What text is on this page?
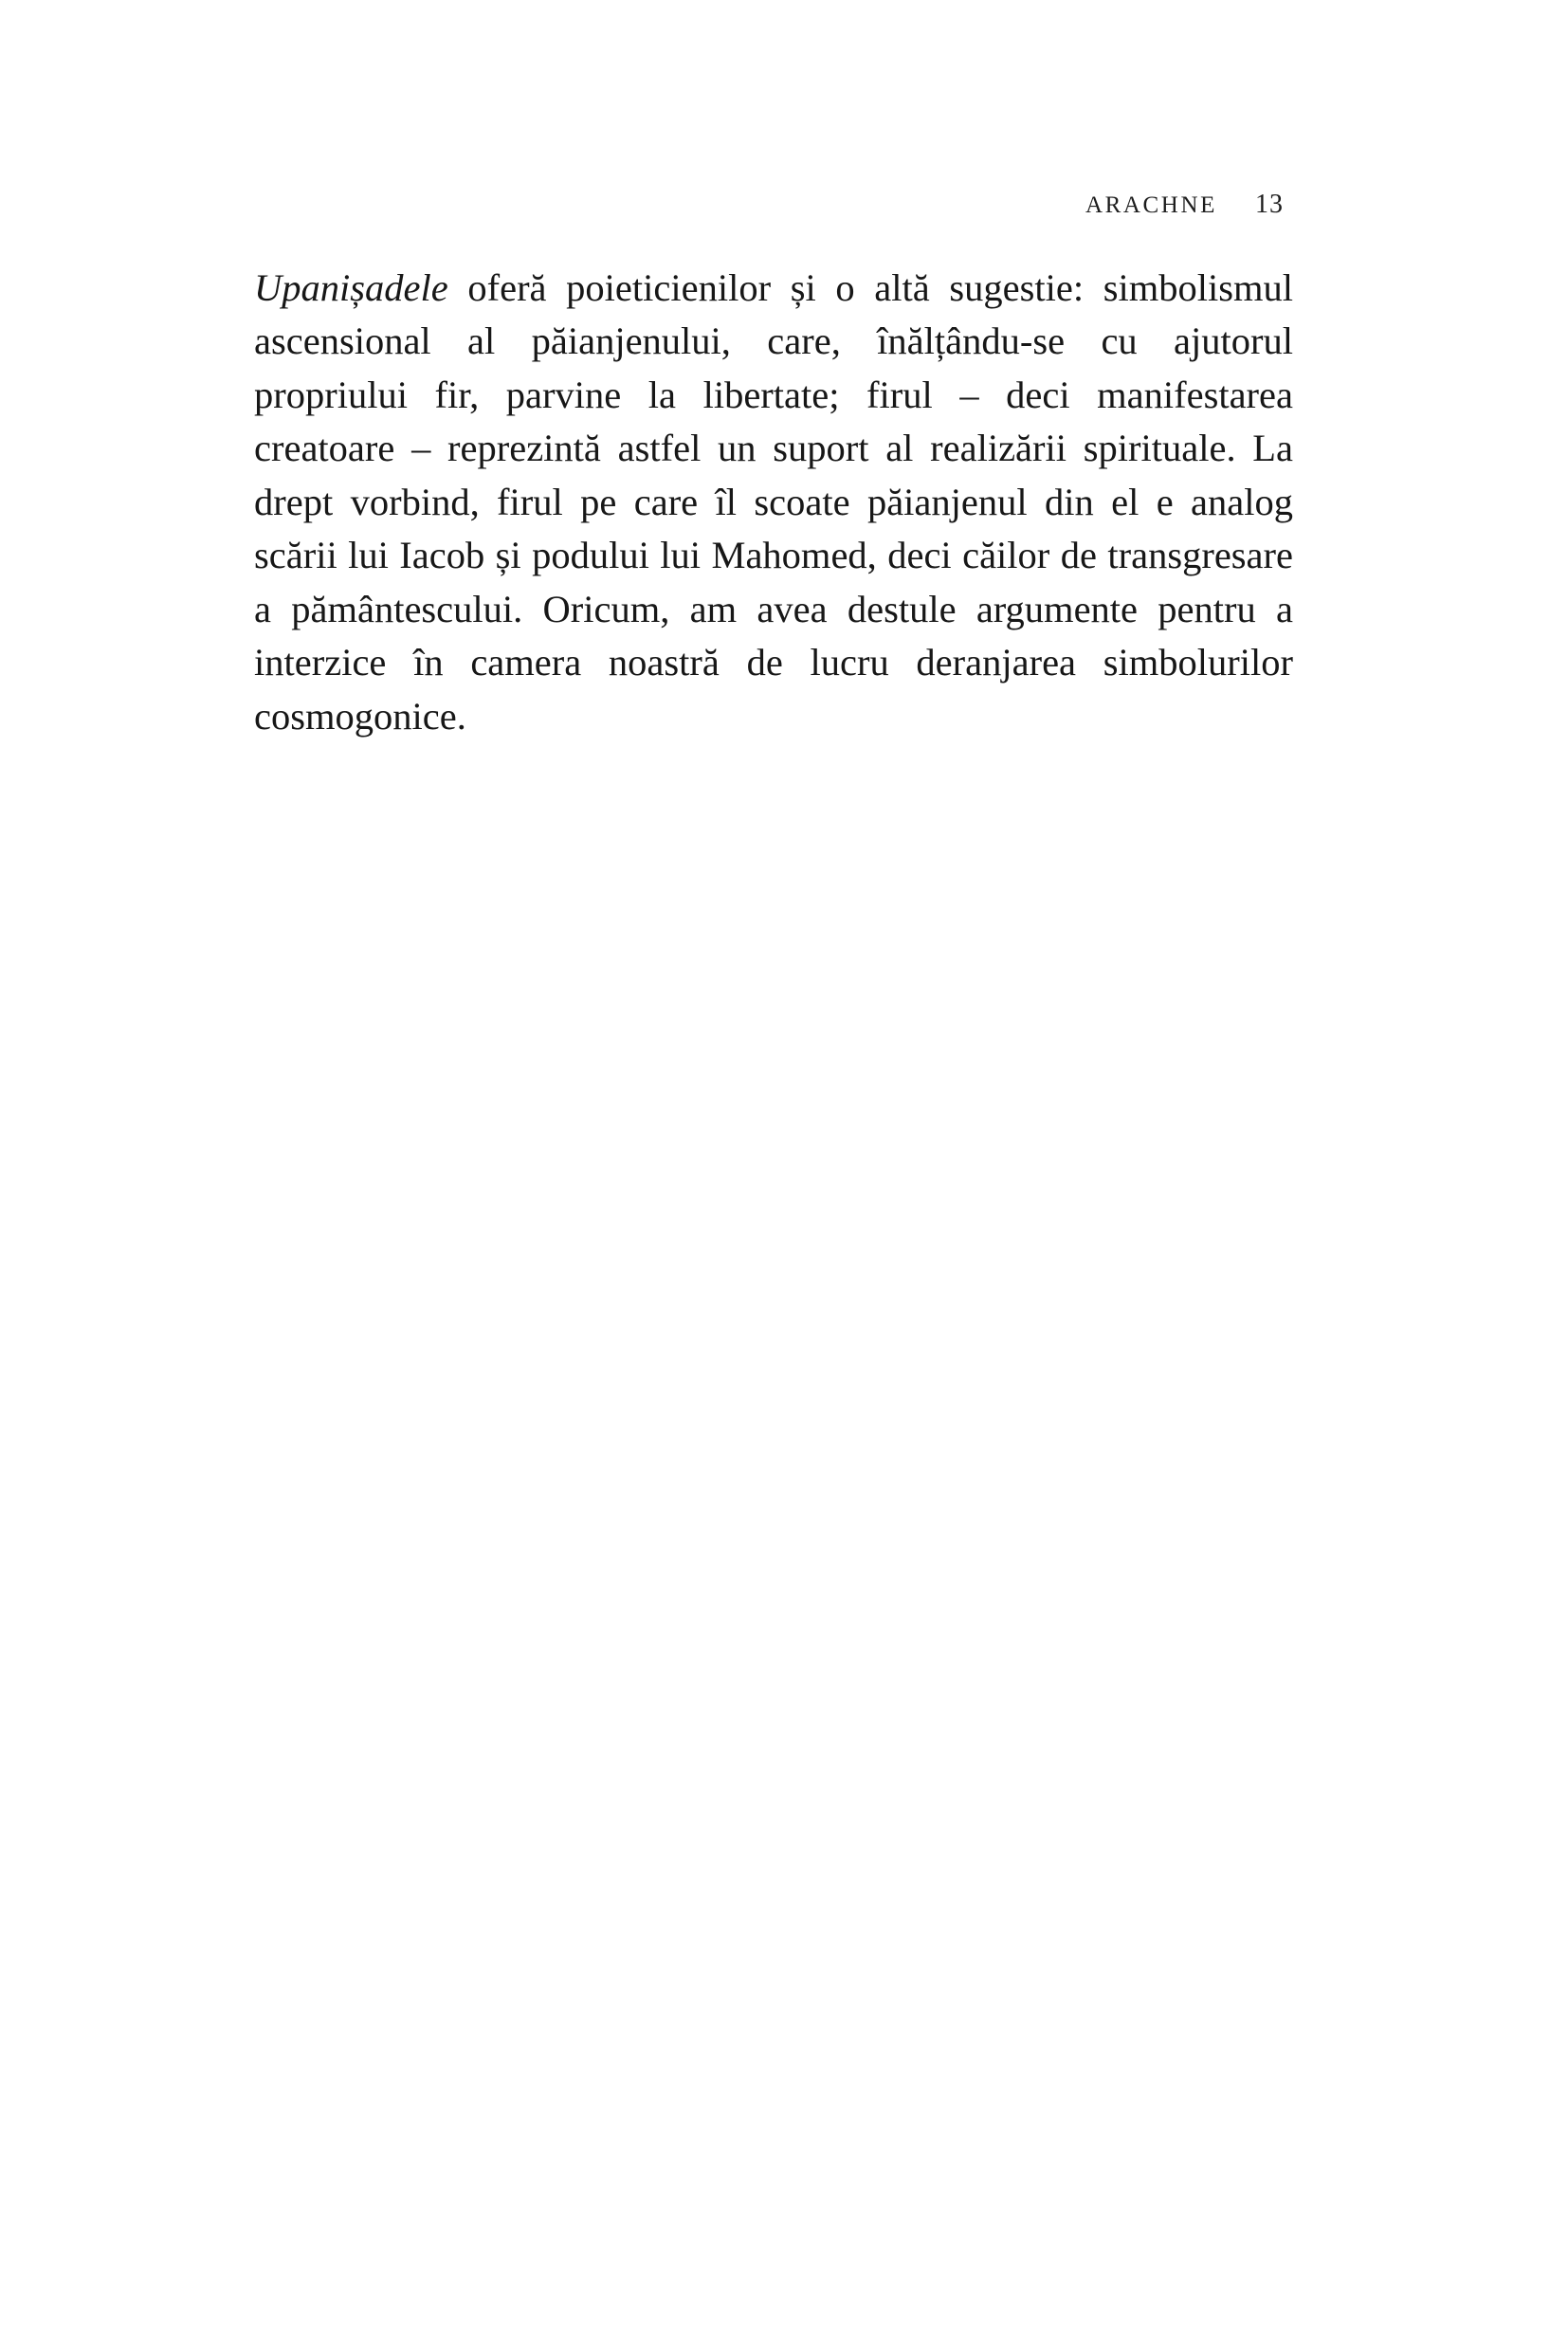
ARACHNE 13

Upanișadele oferă poieticienilor și o altă sugestie: simbolismul ascensional al păianjenului, care, înălțându-se cu ajutorul propriului fir, parvine la libertate; firul – deci manifestarea creatoare – reprezintă astfel un suport al realizării spirituale. La drept vorbind, firul pe care îl scoate păianjenul din el e analog scării lui Iacob și podului lui Mahomed, deci căilor de transgresare a pământescului. Oricum, am avea destule argumente pentru a interzice în camera noastră de lucru deranjarea simbolurilor cosmogonice.
